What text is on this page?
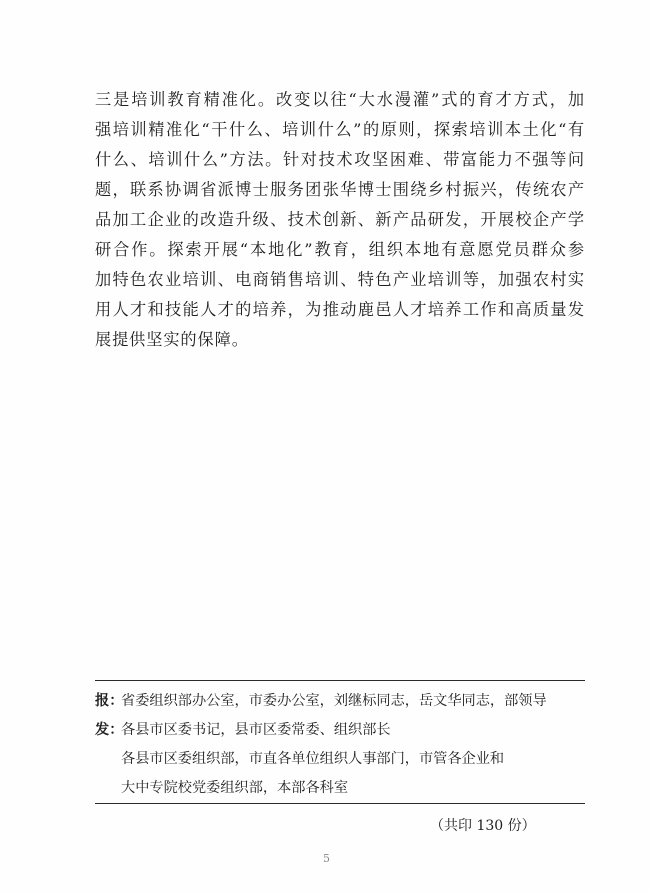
三是培训教育精准化。改变以往“大水漫灌”式的育才方式，加
强培训精准化“干什么、培训什么”的原则，探索培训本土化“有
什么、培训什么”方法。针对技术攻坚困难、带富能力不强等问
题，联系协调省派博士服务团张华博士围绕乡村振兴，传统农产
品加工企业的改造升级、技术创新、新产品研发，开展校企产学
研合作。探索开展“本地化”教育，组织本地有意愿党员群众参
加特色农业培训、电商销售培训、特色产业培训等，加强农村实
用人才和技能人才的培养，为推动鹿邑人才培养工作和高质量发
展提供坚实的保障。
报：
省委组织部办公室，市委办公室，刘继标同志，岳文华同志，部领导
发：
各县市区委书记，县市区委常委、组织部长
各县市区委组织部，市直各单位组织人事部门，市管各企业和
大中专院校党委组织部，本部各科室
（共印 130 份）
5
